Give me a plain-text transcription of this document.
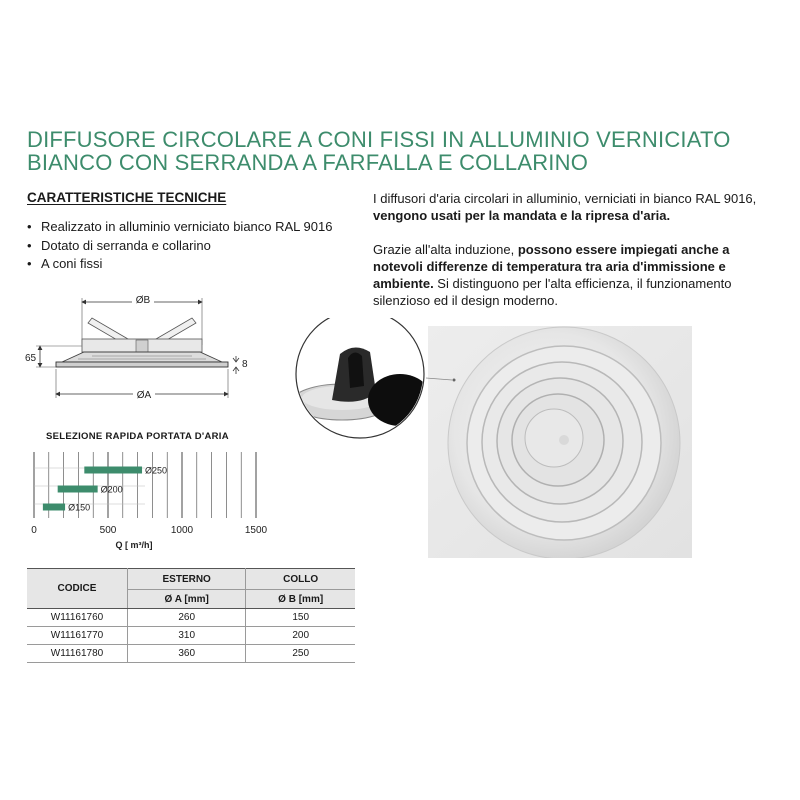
DIFFUSORE CIRCOLARE A CONI FISSI IN ALLUMINIO VERNICIATO
BIANCO CON SERRANDA A FARFALLA E COLLARINO
CARATTERISTICHE TECNICHE
• Realizzato in alluminio verniciato bianco RAL 9016
• Dotato di serranda e collarino
• A coni fissi

I diffusori d'aria circolari in alluminio, verniciati in bianco RAL 9016, vengono usati per la mandata e la ripresa d'aria.

Grazie all'alta induzione, possono essere impiegati anche a notevoli differenze di temperatura tra aria d'immissione e ambiente. Si distinguono per l'alta efficienza, il funzionamento silenzioso ed il design moderno.

ØB
65
8
ØA
SELEZIONE RAPIDA PORTATA D'ARIA
Ø250
Ø200
Ø150
0	500	1000	1500
Q [ m³/h]
CODICE	ESTERNO	COLLO
	Ø A [mm]	Ø B [mm]
W11161760	260	150
W11161770	310	200
W11161780	360	250
